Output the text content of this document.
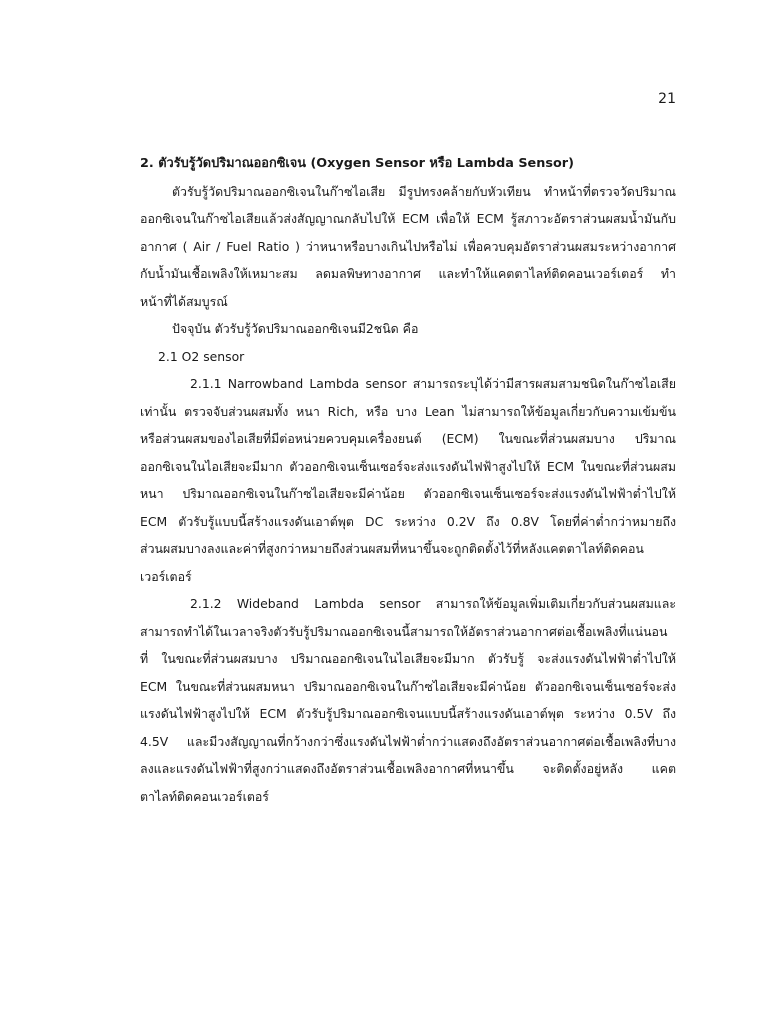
21
2. ตัวรับรู้วัดปริมาณออกซิเจน (Oxygen Sensor หรือ Lambda Sensor)
ตัวรับรู้วัดปริมาณออกซิเจนในก๊าซไอเสีย มีรูปทรงคล้ายกับหัวเทียน ทำหน้าที่ตรวจวัดปริมาณ
ออกซิเจนในก๊าซไอเสียแล้วส่งสัญญาณกลับไปให้ ECM เพื่อให้ ECM รู้สภาวะอัตราส่วนผสมน้ำมันกับ
อากาศ ( Air / Fuel Ratio ) ว่าหนาหรือบางเกินไปหรือไม่ เพื่อควบคุมอัตราส่วนผสมระหว่างอากาศ
กับน้ำมันเชื้อเพลิงให้เหมาะสม ลดมลพิษทางอากาศ และทำให้แคตตาไลท์ติดคอนเวอร์เตอร์ ทำ
หน้าที่ได้สมบูรณ์
ปัจจุบัน ตัวรับรู้วัดปริมาณออกซิเจนมี2ชนิด คือ
2.1 O2 sensor
2.1.1 Narrowband Lambda sensor สามารถระบุได้ว่ามีสารผสมสามชนิดในก๊าซไอเสีย
เท่านั้น ตรวจจับส่วนผสมทั้ง หนา Rich, หรือ บาง Lean ไม่สามารถให้ข้อมูลเกี่ยวกับความเข้มข้น
หรือส่วนผสมของไอเสียที่มีต่อหน่วยควบคุมเครื่องยนต์ (ECM) ในขณะที่ส่วนผสมบาง ปริมาณ
ออกซิเจนในไอเสียจะมีมาก ตัวออกซิเจนเซ็นเซอร์จะส่งแรงดันไฟฟ้าสูงไปให้ ECM ในขณะที่ส่วนผสม
หนา ปริมาณออกซิเจนในก๊าซไอเสียจะมีค่าน้อย ตัวออกซิเจนเซ็นเซอร์จะส่งแรงดันไฟฟ้าต่ำไปให้
ECM ตัวรับรู้แบบนี้สร้างแรงดันเอาต์พุต DC ระหว่าง 0.2V ถึง 0.8V โดยที่ค่าต่ำกว่าหมายถึง
ส่วนผสมบางลงและค่าที่สูงกว่าหมายถึงส่วนผสมที่หนาขึ้นจะถูกติดตั้งไว้ที่หลังแคตตาไลท์ติดคอน
เวอร์เตอร์
2.1.2 Wideband Lambda sensor สามารถให้ข้อมูลเพิ่มเติมเกี่ยวกับส่วนผสมและ
สามารถทำได้ในเวลาจริงตัวรับรู้ปริมาณออกซิเจนนี้สามารถให้อัตราส่วนอากาศต่อเชื้อเพลิงที่แน่นอน
ที่ ในขณะที่ส่วนผสมบาง ปริมาณออกซิเจนในไอเสียจะมีมาก ตัวรับรู้ จะส่งแรงดันไฟฟ้าต่ำไปให้
ECM ในขณะที่ส่วนผสมหนา ปริมาณออกซิเจนในก๊าซไอเสียจะมีค่าน้อย ตัวออกซิเจนเซ็นเซอร์จะส่ง
แรงดันไฟฟ้าสูงไปให้ ECM ตัวรับรู้ปริมาณออกซิเจนแบบนี้สร้างแรงดันเอาต์พุต ระหว่าง 0.5V ถึง
4.5V และมีวงสัญญาณที่กว้างกว่าซึ่งแรงดันไฟฟ้าต่ำกว่าแสดงถึงอัตราส่วนอากาศต่อเชื้อเพลิงที่บาง
ลงและแรงดันไฟฟ้าที่สูงกว่าแสดงถึงอัตราส่วนเชื้อเพลิงอากาศที่หนาขึ้น จะติดตั้งอยู่หลัง แคต
ตาไลท์ติดคอนเวอร์เตอร์
